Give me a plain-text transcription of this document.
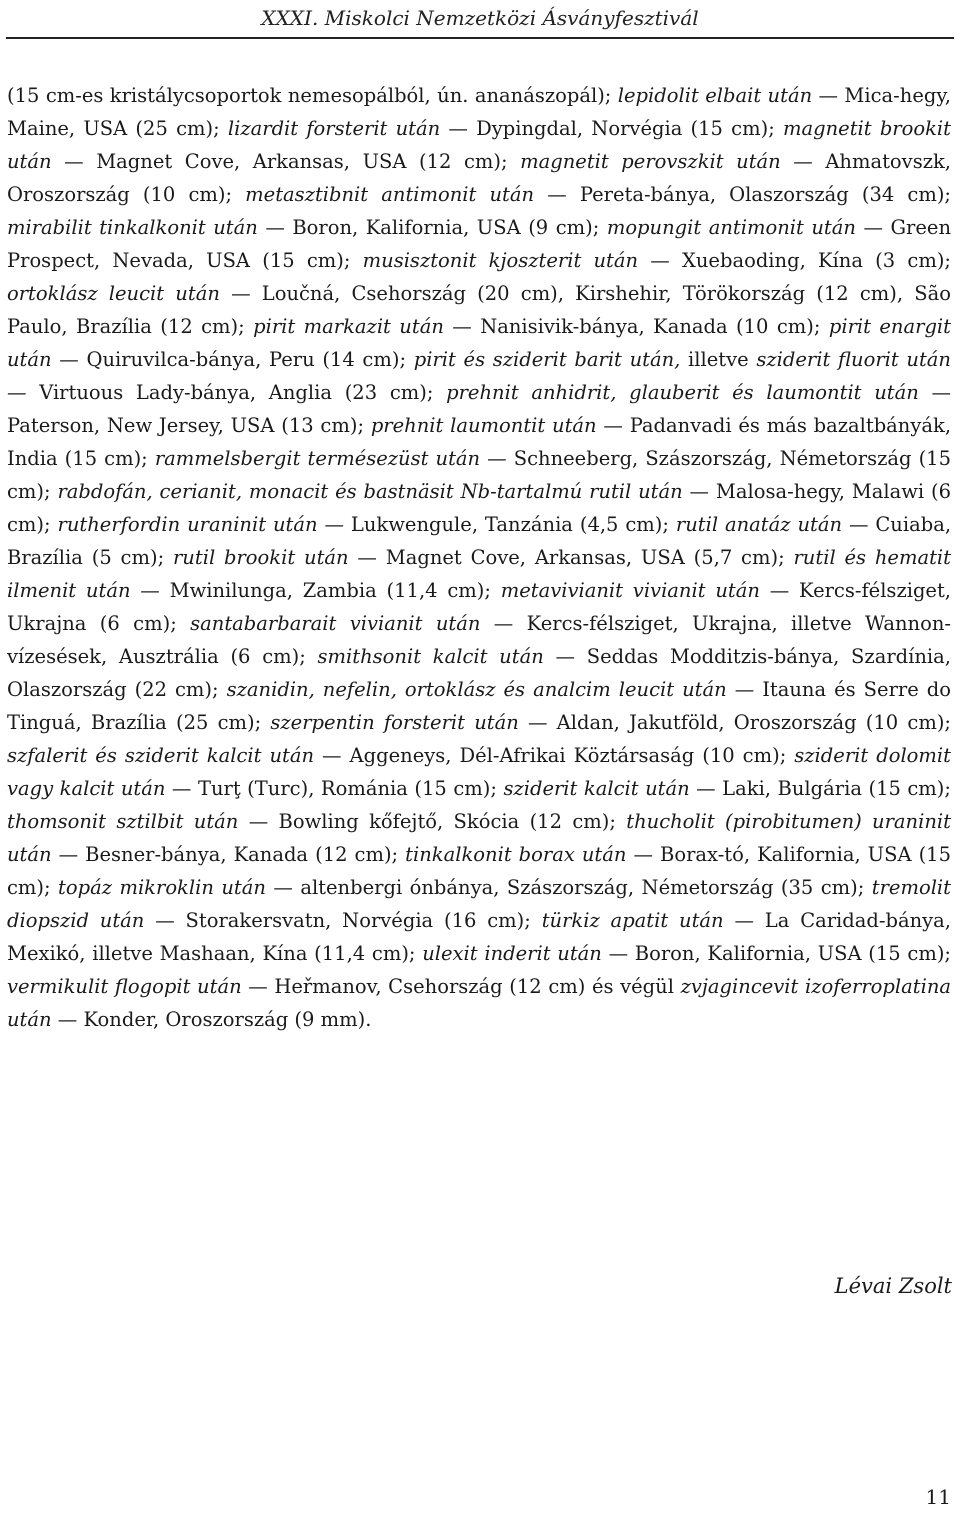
XXXI. Miskolci Nemzetközi Ásványfesztivál

(15 cm-es kristálycsoportok nemesopálból, ún. ananászopál); lepidolit elbait után — Mica-hegy, Maine, USA (25 cm); lizardit forsterit után — Dypingdal, Norvégia (15 cm); magnetit brookit után — Magnet Cove, Arkansas, USA (12 cm); magnetit perovszkit után — Ahmatovszk, Oroszország (10 cm); metasztibnit antimonit után — Pereta-bánya, Olaszország (34 cm); mirabilit tinkalkonit után — Boron, Kalifornia, USA (9 cm); mopungit antimonit után — Green Prospect, Nevada, USA (15 cm); musisztonit kjoszterit után — Xuebaoding, Kína (3 cm); ortoklász leucit után — Loučná, Csehország (20 cm), Kirshehir, Törökország (12 cm), São Paulo, Brazília (12 cm); pirit markazit után — Nanisivik-bánya, Kanada (10 cm); pirit enargit után — Quiruvilca-bánya, Peru (14 cm); pirit és sziderit barit után, illetve sziderit fluorit után — Virtuous Lady-bánya, Anglia (23 cm); prehnit anhidrit, glauberit és laumontit után — Paterson, New Jersey, USA (13 cm); prehnit laumontit után — Padanvadi és más bazaltbányák, India (15 cm); rammelsbergit termésezüst után — Schneeberg, Szászország, Németország (15 cm); rabdofán, cerianit, monacit és bastnäsit Nb-tartalmú rutil után — Malosa-hegy, Malawi (6 cm); rutherfordin uraninit után — Lukwengule, Tanzánia (4,5 cm); rutil anatáz után — Cuiaba, Brazília (5 cm); rutil brookit után — Magnet Cove, Arkansas, USA (5,7 cm); rutil és hematit ilmenit után — Mwinilunga, Zambia (11,4 cm); metavivianit vivianit után — Kercs-félsziget, Ukrajna (6 cm); santabarbarait vivianit után — Kercs-félsziget, Ukrajna, illetve Wannon-vízesések, Ausztrália (6 cm); smithsonit kalcit után — Seddas Modditzis-bánya, Szardínia, Olaszország (22 cm); szanidin, nefelin, ortoklász és analcim leucit után — Itauna és Serre do Tinguá, Brazília (25 cm); szerpentin forsterit után — Aldan, Jakutföld, Oroszország (10 cm); szfalerit és sziderit kalcit után — Aggeneys, Dél-Afrikai Köztársaság (10 cm); sziderit dolomit vagy kalcit után — Turţ (Turc), Románia (15 cm); sziderit kalcit után — Laki, Bulgária (15 cm); thomsonit sztilbit után — Bowling kőfejtő, Skócia (12 cm); thucholit (pirobitumen) uraninit után — Besner-bánya, Kanada (12 cm); tinkalkonit borax után — Borax-tó, Kalifornia, USA (15 cm); topáz mikroklin után — altenbergi ónbánya, Szászország, Németország (35 cm); tremolit diopszid után — Storakersvatn, Norvégia (16 cm); türkiz apatit után — La Caridad-bánya, Mexikó, illetve Mashaan, Kína (11,4 cm); ulexit inderit után — Boron, Kalifornia, USA (15 cm); vermikulit flogopit után — Heřmanov, Csehország (12 cm) és végül zvjagincevit izoferroplatina után — Konder, Oroszország (9 mm).

Lévai Zsolt
11
